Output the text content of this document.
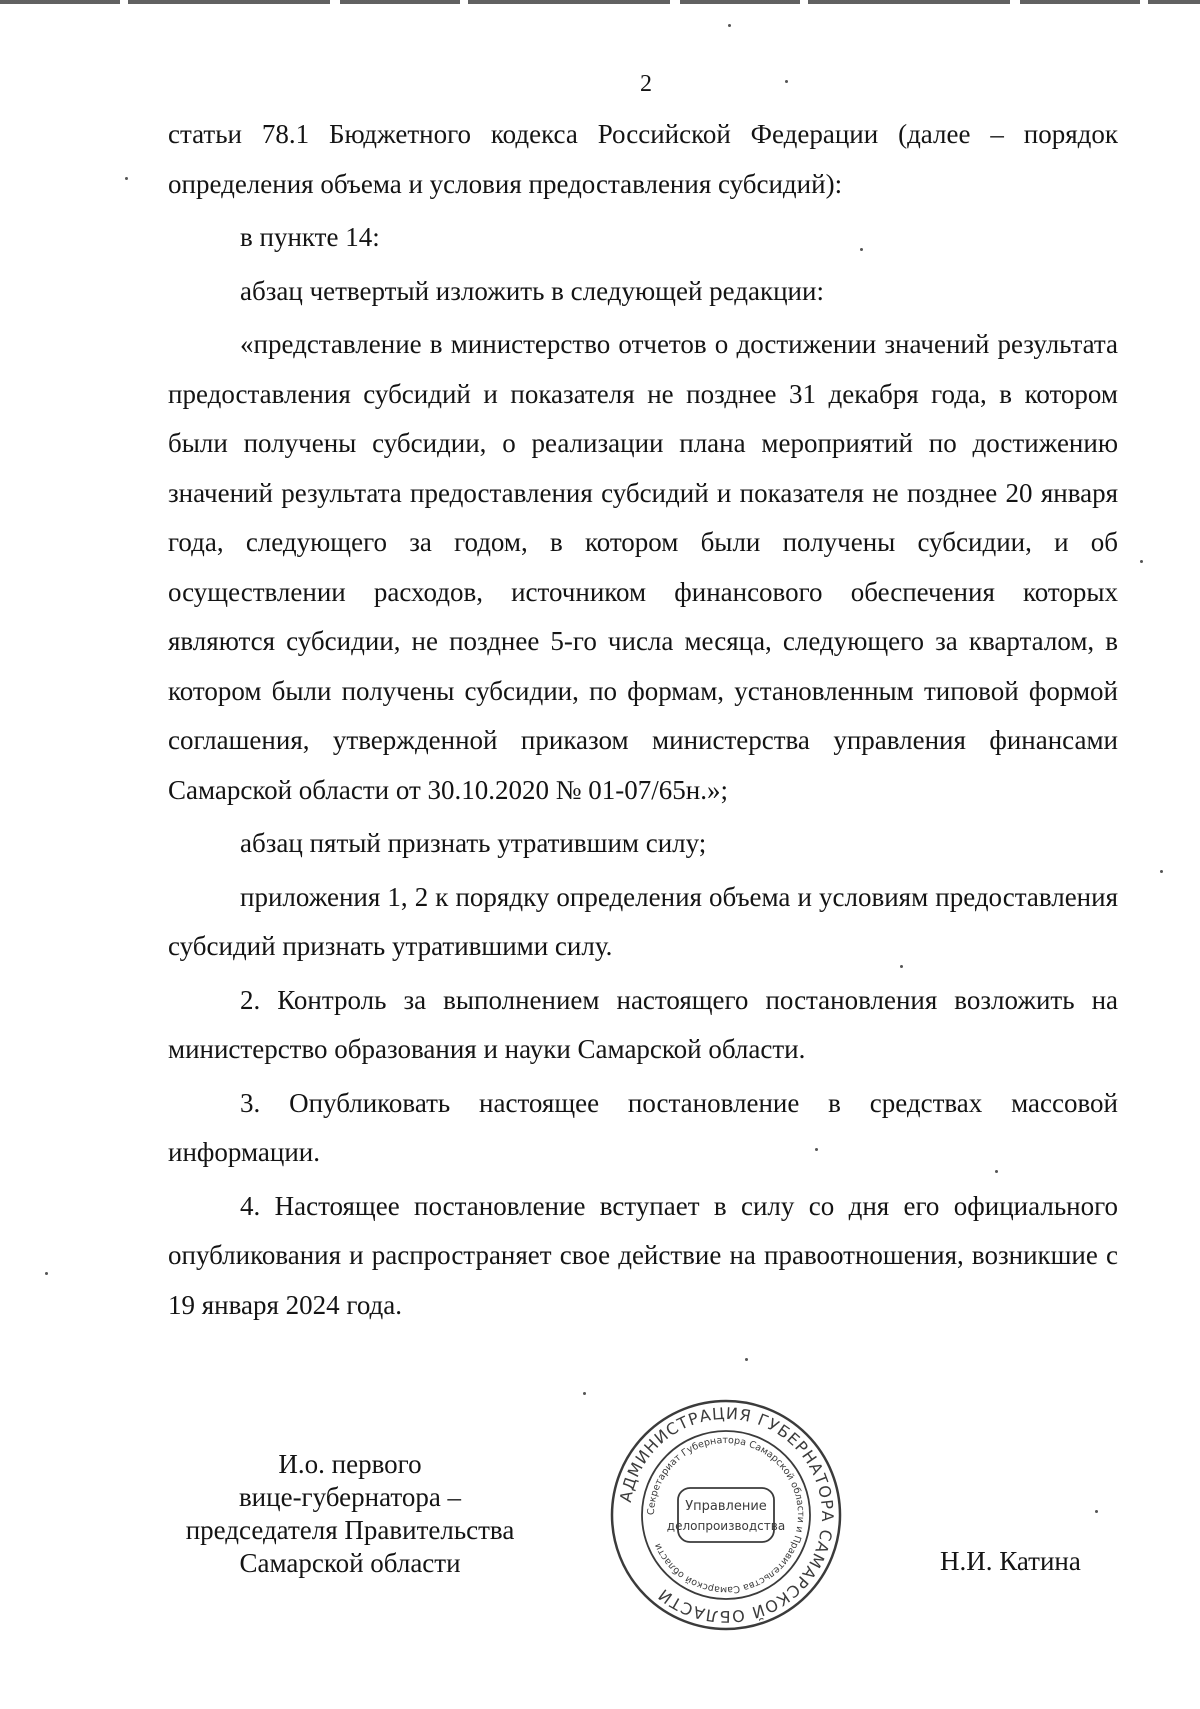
2

статьи 78.1 Бюджетного кодекса Российской Федерации (далее – порядок определения объема и условия предоставления субсидий):

в пункте 14:

абзац четвертый изложить в следующей редакции:

«представление в министерство отчетов о достижении значений результата предоставления субсидий и показателя не позднее 31 декабря года, в котором были получены субсидии, о реализации плана мероприятий по достижению значений результата предоставления субсидий и показателя не позднее 20 января года, следующего за годом, в котором были получены субсидии, и об осуществлении расходов, источником финансового обеспечения которых являются субсидии, не позднее 5-го числа месяца, следующего за кварталом, в котором были получены субсидии, по формам, установленным типовой формой соглашения, утвержденной приказом министерства управления финансами Самарской области от 30.10.2020 № 01-07/65н.»;

абзац пятый признать утратившим силу;

приложения 1, 2 к порядку определения объема и условиям предоставления субсидий признать утратившими силу.

2. Контроль за выполнением настоящего постановления возложить на министерство образования и науки Самарской области.

3. Опубликовать настоящее постановление в средствах массовой информации.

4. Настоящее постановление вступает в силу со дня его официального опубликования и распространяет свое действие на правоотношения, возникшие с 19 января 2024 года.

И.о. первого
вице-губернатора –
председателя Правительства
Самарской области
АДМИНИСТРАЦИЯ ГУБЕРНАТОРА САМАРСКОЙ ОБЛАСТИ
Секретариат Губернатора Самарской области и Правительства Самарской области
Управление
делопроизводства
Н.И. Катина
